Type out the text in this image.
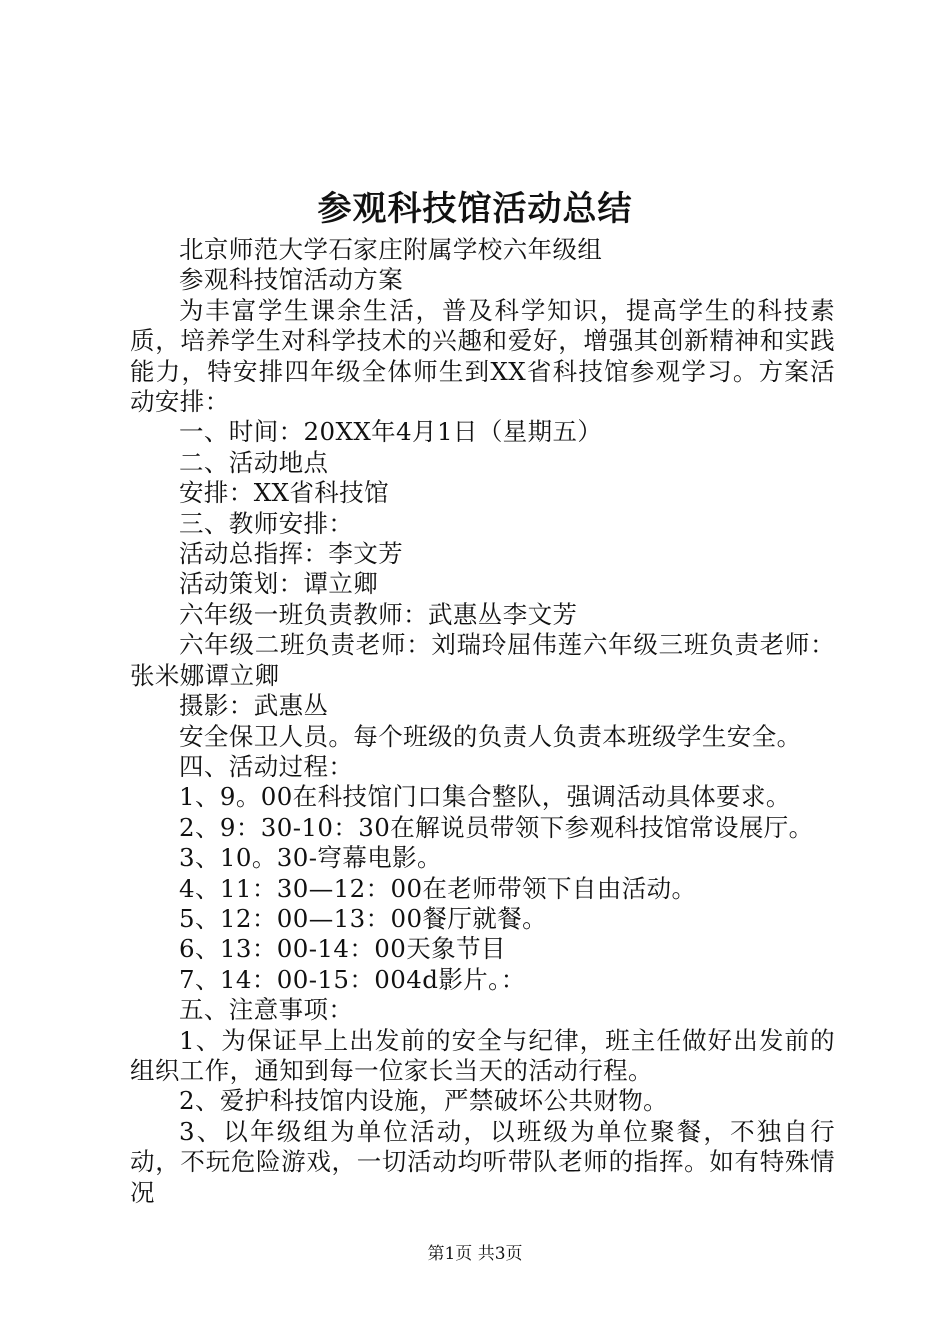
参观科技馆活动总结

北京师范大学石家庄附属学校六年级组

参观科技馆活动方案

为丰富学生课余生活，普及科学知识，提高学生的科技素质，培养学生对科学技术的兴趣和爱好，增强其创新精神和实践能力，特安排四年级全体师生到XX省科技馆参观学习。方案活动安排：

一、时间：20XX年4月1日（星期五）

二、活动地点

安排：XX省科技馆

三、教师安排：

活动总指挥：李文芳

活动策划：谭立卿

六年级一班负责教师：武惠丛李文芳

六年级二班负责老师：刘瑞玲屈伟莲六年级三班负责老师：张米娜谭立卿

摄影：武惠丛

安全保卫人员。每个班级的负责人负责本班级学生安全。

四、活动过程：

1、9。00在科技馆门口集合整队，强调活动具体要求。

2、9：30-10：30在解说员带领下参观科技馆常设展厅。

3、10。30-穹幕电影。

4、11：30—12：00在老师带领下自由活动。

5、12：00—13：00餐厅就餐。

6、13：00-14：00天象节目

7、14：00-15：004d影片。：

五、注意事项：

1、为保证早上出发前的安全与纪律，班主任做好出发前的组织工作，通知到每一位家长当天的活动行程。

2、爱护科技馆内设施，严禁破坏公共财物。

3、以年级组为单位活动，以班级为单位聚餐，不独自行动，不玩危险游戏，一切活动均听带队老师的指挥。如有特殊情况

第1页 共3页
